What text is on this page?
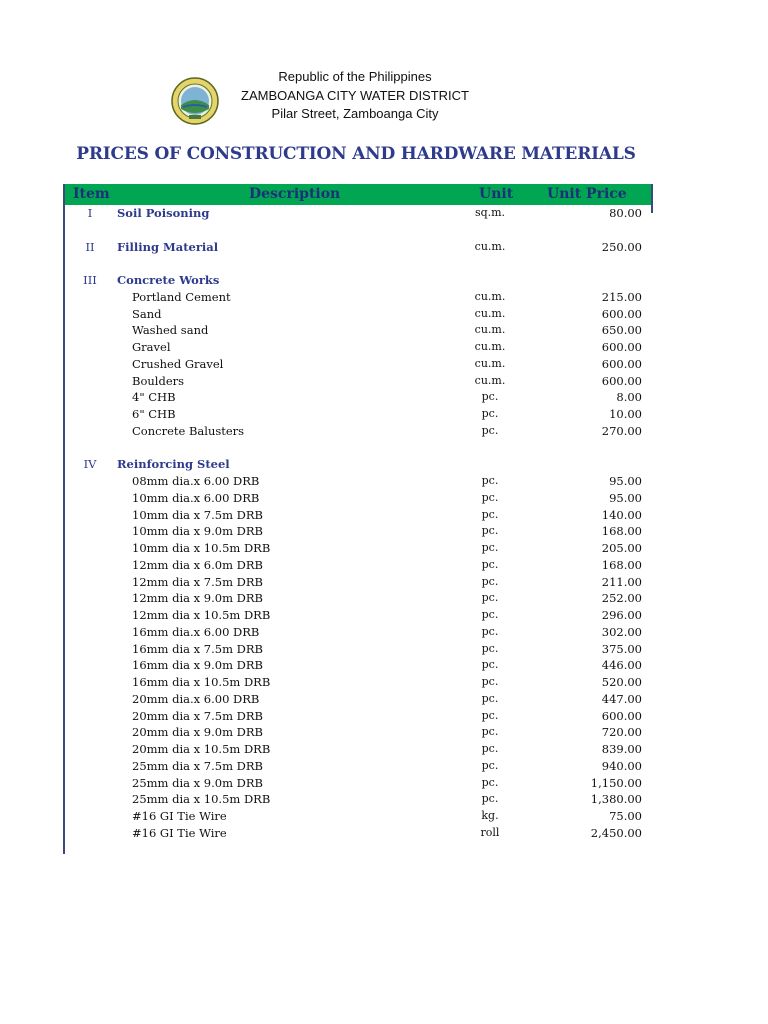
Republic of the Philippines
ZAMBOANGA CITY WATER DISTRICT
Pilar Street, Zamboanga City
PRICES OF CONSTRUCTION AND HARDWARE MATERIALS
Item	Description	Unit Unit Price
I	Soil Poisoning	sq.m.	80.00
II	Filling Material	cu.m.	250.00
III	Concrete Works
Portland Cement	cu.m.	215.00
Sand	cu.m.	600.00
Washed sand	cu.m.	650.00
Gravel	cu.m.	600.00
Crushed Gravel	cu.m.	600.00
Boulders	cu.m.	600.00
4" CHB	pc.	8.00
6" CHB	pc.	10.00
Concrete Balusters	pc.	270.00
IV	Reinforcing Steel
08mm dia.x 6.00 DRB	pc.	95.00
10mm dia.x 6.00 DRB	pc.	95.00
10mm dia x 7.5m DRB	pc.	140.00
10mm dia x 9.0m DRB	pc.	168.00
10mm dia x 10.5m DRB	pc.	205.00
12mm dia x 6.0m DRB	pc.	168.00
12mm dia x 7.5m DRB	pc.	211.00
12mm dia x 9.0m DRB	pc.	252.00
12mm dia x 10.5m DRB	pc.	296.00
16mm dia.x 6.00 DRB	pc.	302.00
16mm dia x 7.5m DRB	pc.	375.00
16mm dia x 9.0m DRB	pc.	446.00
16mm dia x 10.5m DRB	pc.	520.00
20mm dia.x 6.00 DRB	pc.	447.00
20mm dia x 7.5m DRB	pc.	600.00
20mm dia x 9.0m DRB	pc.	720.00
20mm dia x 10.5m DRB	pc.	839.00
25mm dia x 7.5m DRB	pc.	940.00
25mm dia x 9.0m DRB	pc.	1,150.00
25mm dia x 10.5m DRB	pc.	1,380.00
#16 GI Tie Wire	kg.	75.00
#16 GI Tie Wire	roll	2,450.00
